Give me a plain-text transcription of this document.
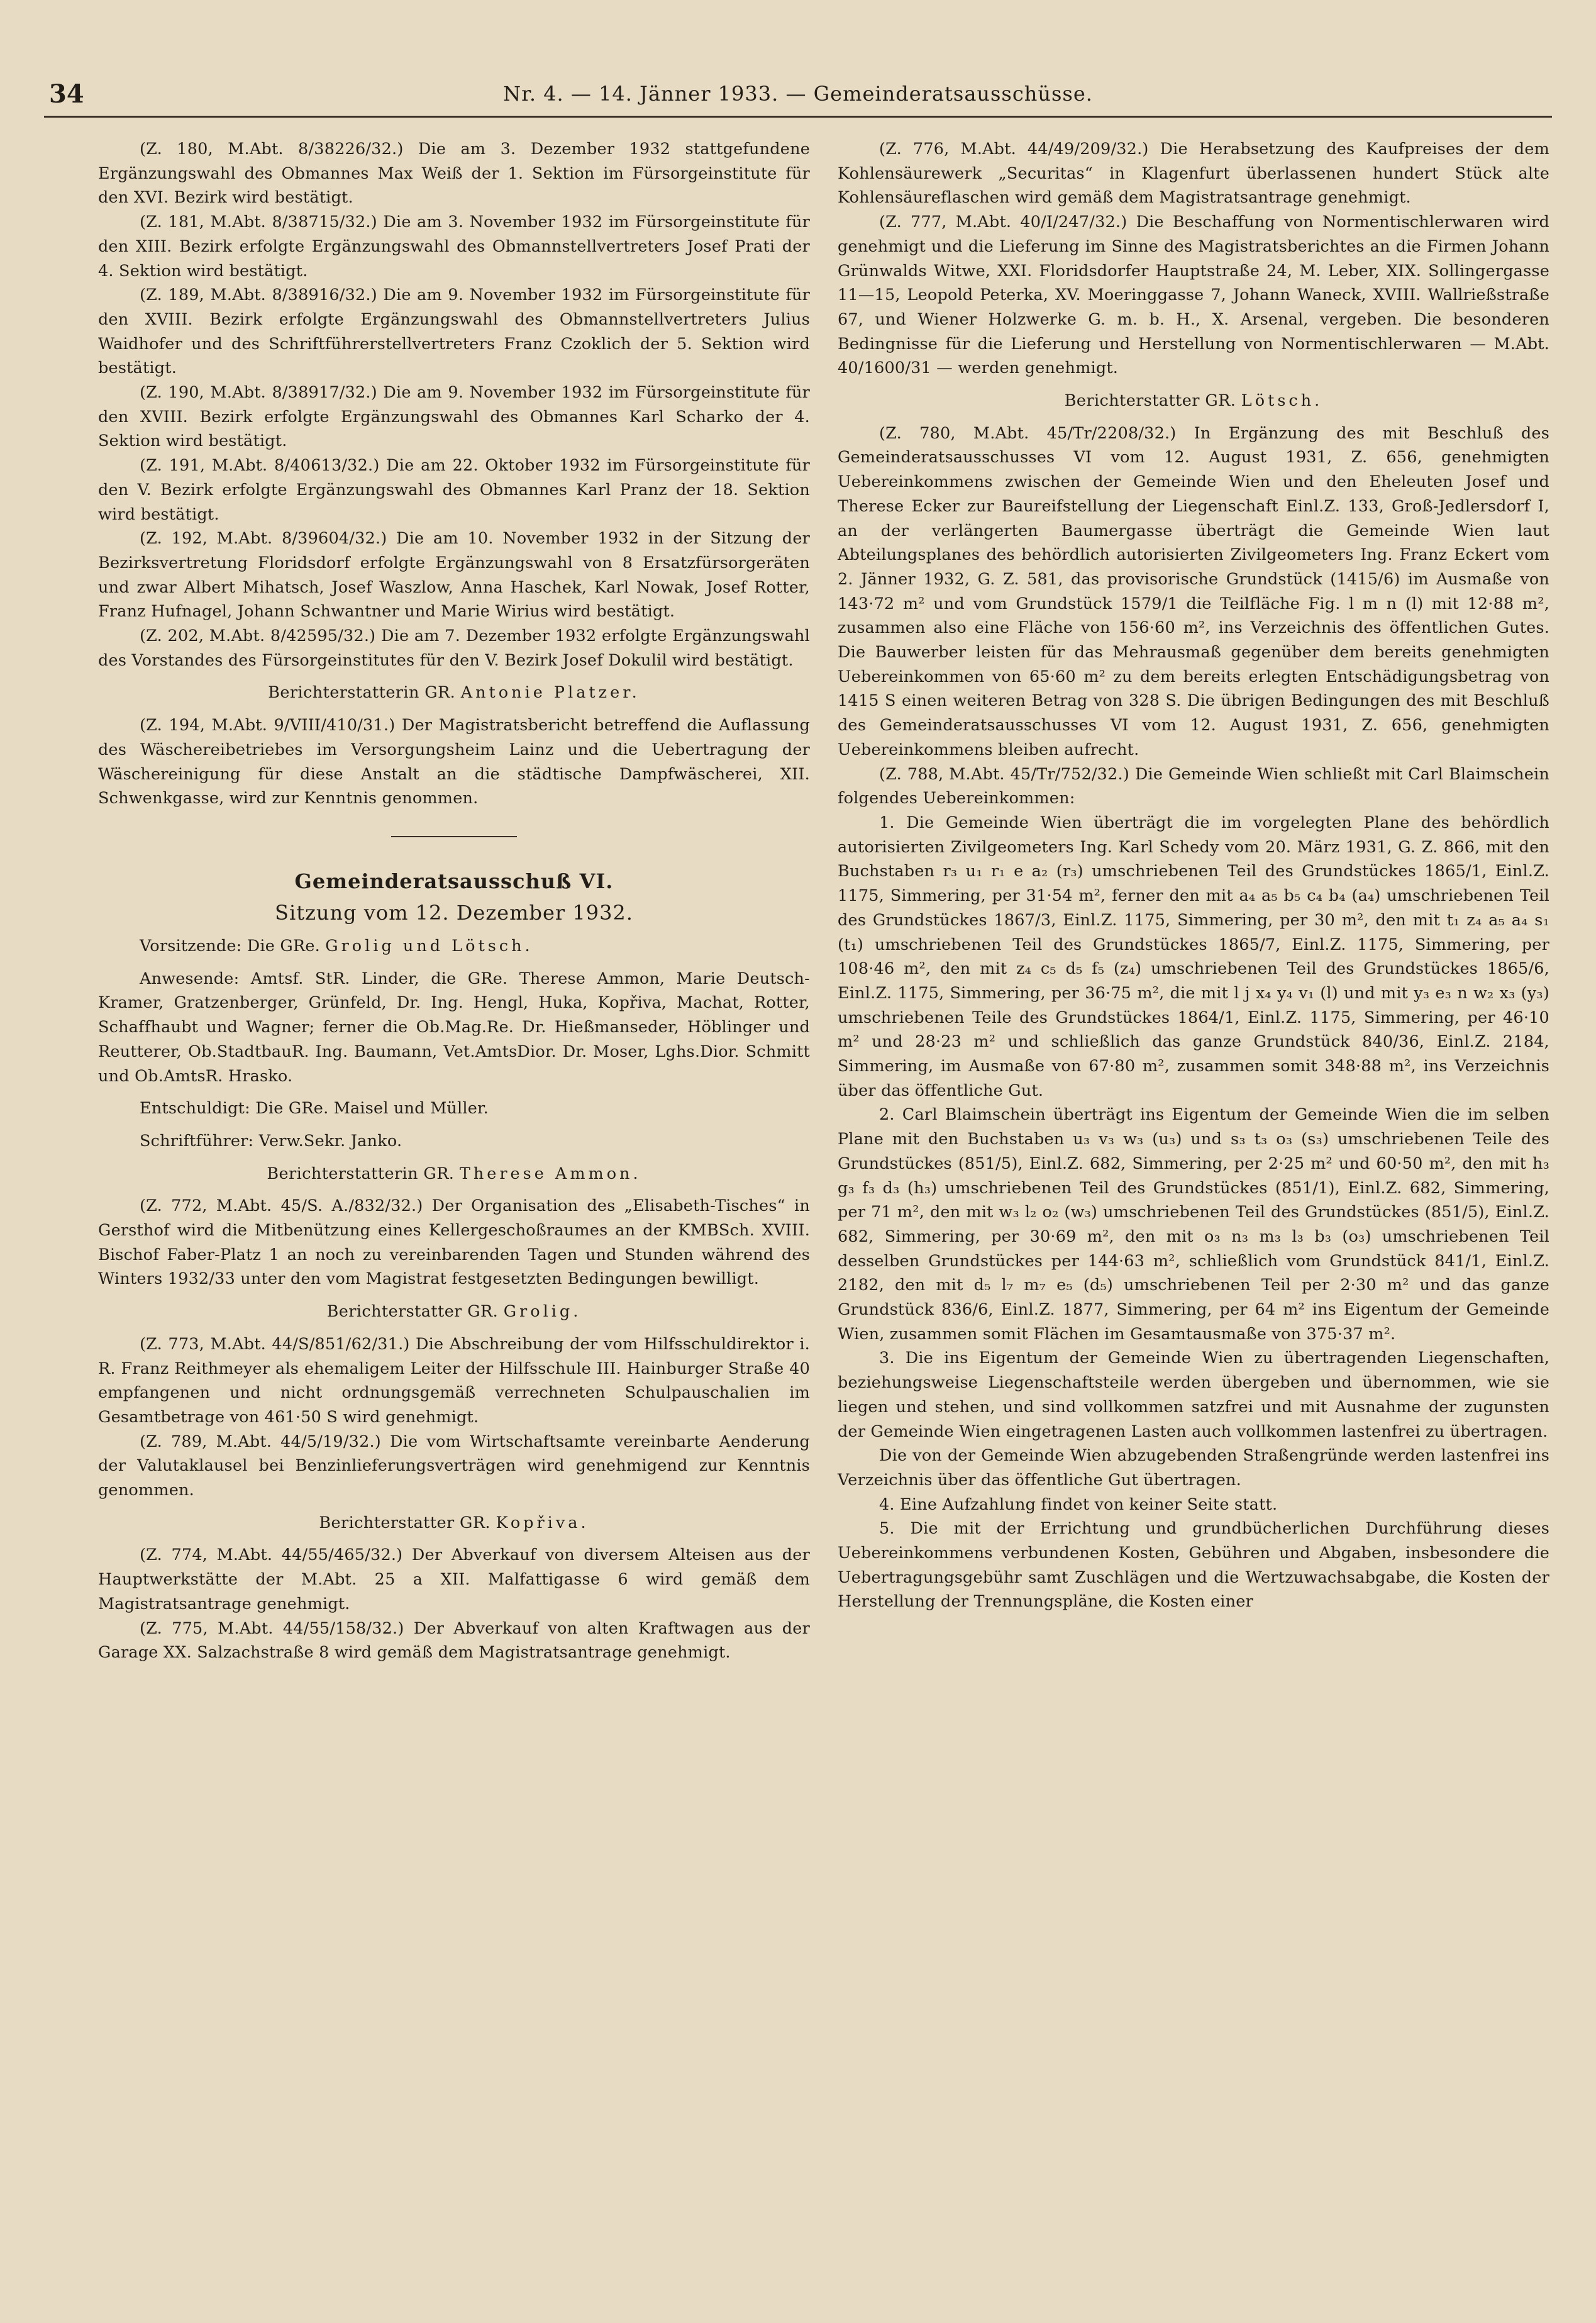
34	Nr. 4. — 14. Jänner 1933. — Gemeinderatsausschüsse.

(Z. 180, M.Abt. 8/38226/32.) Die am 3. Dezember 1932 stattgefundene Ergänzungswahl des Obmannes Max Weiß der 1. Sektion im Fürsorgeinstitute für den XVI. Bezirk wird bestätigt.

(Z. 181, M.Abt. 8/38715/32.) Die am 3. November 1932 im Fürsorgeinstitute für den XIII. Bezirk erfolgte Ergänzungswahl des Obmannstellvertreters Josef Prati der 4. Sektion wird bestätigt.

(Z. 189, M.Abt. 8/38916/32.) Die am 9. November 1932 im Fürsorgeinstitute für den XVIII. Bezirk erfolgte Ergänzungswahl des Obmannstellvertreters Julius Waidhofer und des Schriftführerstellvertreters Franz Czoklich der 5. Sektion wird bestätigt.

(Z. 190, M.Abt. 8/38917/32.) Die am 9. November 1932 im Fürsorgeinstitute für den XVIII. Bezirk erfolgte Ergänzungswahl des Obmannes Karl Scharko der 4. Sektion wird bestätigt.

(Z. 191, M.Abt. 8/40613/32.) Die am 22. Oktober 1932 im Fürsorgeinstitute für den V. Bezirk erfolgte Ergänzungswahl des Obmannes Karl Pranz der 18. Sektion wird bestätigt.

(Z. 192, M.Abt. 8/39604/32.) Die am 10. November 1932 in der Sitzung der Bezirksvertretung Floridsdorf erfolgte Ergänzungswahl von 8 Ersatzfürsorgeräten und zwar Albert Mihatsch, Josef Waszlow, Anna Haschek, Karl Nowak, Josef Rotter, Franz Hufnagel, Johann Schwantner und Marie Wirius wird bestätigt.

(Z. 202, M.Abt. 8/42595/32.) Die am 7. Dezember 1932 erfolgte Ergänzungswahl des Vorstandes des Fürsorgeinstitutes für den V. Bezirk Josef Dokulil wird bestätigt.

Berichterstatterin GR. Antonie Platzer.

(Z. 194, M.Abt. 9/VIII/410/31.) Der Magistratsbericht betreffend die Auflassung des Wäschereibetriebes im Versorgungsheim Lainz und die Uebertragung der Wäschereinigung für diese Anstalt an die städtische Dampfwäscherei, XII. Schwenkgasse, wird zur Kenntnis genommen.

Gemeinderatsausschuß VI.

Sitzung vom 12. Dezember 1932.

Vorsitzende: Die GRe. Grolig und Lötsch.

Anwesende: Amtsf. StR. Linder, die GRe. Therese Ammon, Marie Deutsch-Kramer, Gratzenberger, Grünfeld, Dr. Ing. Hengl, Huka, Kopřiva, Machat, Rotter, Schaffhaubt und Wagner; ferner die Ob.Mag.Re. Dr. Hießmanseder, Höblinger und Reutterer, Ob.StadtbauR. Ing. Baumann, Vet.AmtsDior. Dr. Moser, Lghs.Dior. Schmitt und Ob.AmtsR. Hrasko.

Entschuldigt: Die GRe. Maisel und Müller.

Schriftführer: Verw.Sekr. Janko.

Berichterstatterin GR. Therese Ammon.

(Z. 772, M.Abt. 45/S. A./832/32.) Der Organisation des „Elisabeth-Tisches“ in Gersthof wird die Mitbenützung eines Kellergeschoßraumes an der KMBSch. XVIII. Bischof Faber-Platz 1 an noch zu vereinbarenden Tagen und Stunden während des Winters 1932/33 unter den vom Magistrat festgesetzten Bedingungen bewilligt.

Berichterstatter GR. Grolig.

(Z. 773, M.Abt. 44/S/851/62/31.) Die Abschreibung der vom Hilfsschuldirektor i. R. Franz Reithmeyer als ehemaligem Leiter der Hilfsschule III. Hainburger Straße 40 empfangenen und nicht ordnungsgemäß verrechneten Schulpauschalien im Gesamtbetrage von 461·50 S wird genehmigt.

(Z. 789, M.Abt. 44/5/19/32.) Die vom Wirtschaftsamte vereinbarte Aenderung der Valutaklausel bei Benzinlieferungsverträgen wird genehmigend zur Kenntnis genommen.

Berichterstatter GR. Kopřiva.

(Z. 774, M.Abt. 44/55/465/32.) Der Abverkauf von diversem Alteisen aus der Hauptwerkstätte der M.Abt. 25 a XII. Malfattigasse 6 wird gemäß dem Magistratsantrage genehmigt.

(Z. 775, M.Abt. 44/55/158/32.) Der Abverkauf von alten Kraftwagen aus der Garage XX. Salzachstraße 8 wird gemäß dem Magistratsantrage genehmigt.

(Z. 776, M.Abt. 44/49/209/32.) Die Herabsetzung des Kaufpreises der dem Kohlensäurewerk „Securitas“ in Klagenfurt überlassenen hundert Stück alte Kohlensäureflaschen wird gemäß dem Magistratsantrage genehmigt.

(Z. 777, M.Abt. 40/I/247/32.) Die Beschaffung von Normentischlerwaren wird genehmigt und die Lieferung im Sinne des Magistratsberichtes an die Firmen Johann Grünwalds Witwe, XXI. Floridsdorfer Hauptstraße 24, M. Leber, XIX. Sollingergasse 11—15, Leopold Peterka, XV. Moeringgasse 7, Johann Waneck, XVIII. Wallrießstraße 67, und Wiener Holzwerke G. m. b. H., X. Arsenal, vergeben. Die besonderen Bedingnisse für die Lieferung und Herstellung von Normentischlerwaren — M.Abt. 40/1600/31 — werden genehmigt.

Berichterstatter GR. Lötsch.

(Z. 780, M.Abt. 45/Tr/2208/32.) In Ergänzung des mit Beschluß des Gemeinderatsausschusses VI vom 12. August 1931, Z. 656, genehmigten Uebereinkommens zwischen der Gemeinde Wien und den Eheleuten Josef und Therese Ecker zur Baureifstellung der Liegenschaft Einl.Z. 133, Groß-Jedlersdorf I, an der verlängerten Baumergasse überträgt die Gemeinde Wien laut Abteilungsplanes des behördlich autorisierten Zivilgeometers Ing. Franz Eckert vom 2. Jänner 1932, G. Z. 581, das provisorische Grundstück (1415/6) im Ausmaße von 143·72 m² und vom Grundstück 1579/1 die Teilfläche Fig. l m n (l) mit 12·88 m², zusammen also eine Fläche von 156·60 m², ins Verzeichnis des öffentlichen Gutes. Die Bauwerber leisten für das Mehrausmaß gegenüber dem bereits genehmigten Uebereinkommen von 65·60 m² zu dem bereits erlegten Entschädigungsbetrag von 1415 S einen weiteren Betrag von 328 S. Die übrigen Bedingungen des mit Beschluß des Gemeinderatsausschusses VI vom 12. August 1931, Z. 656, genehmigten Uebereinkommens bleiben aufrecht.

(Z. 788, M.Abt. 45/Tr/752/32.) Die Gemeinde Wien schließt mit Carl Blaimschein folgendes Uebereinkommen:

1. Die Gemeinde Wien überträgt die im vorgelegten Plane des behördlich autorisierten Zivilgeometers Ing. Karl Schedy vom 20. März 1931, G. Z. 866, mit den Buchstaben r₃ u₁ r₁ e a₂ (r₃) umschriebenen Teil des Grundstückes 1865/1, Einl.Z. 1175, Simmering, per 31·54 m², ferner den mit a₄ a₅ b₅ c₄ b₄ (a₄) umschriebenen Teil des Grundstückes 1867/3, Einl.Z. 1175, Simmering, per 30 m², den mit t₁ z₄ a₅ a₄ s₁ (t₁) umschriebenen Teil des Grundstückes 1865/7, Einl.Z. 1175, Simmering, per 108·46 m², den mit z₄ c₅ d₅ f₅ (z₄) umschriebenen Teil des Grundstückes 1865/6, Einl.Z. 1175, Simmering, per 36·75 m², die mit l j x₄ y₄ v₁ (l) und mit y₃ e₃ n w₂ x₃ (y₃) umschriebenen Teile des Grundstückes 1864/1, Einl.Z. 1175, Simmering, per 46·10 m² und 28·23 m² und schließlich das ganze Grundstück 840/36, Einl.Z. 2184, Simmering, im Ausmaße von 67·80 m², zusammen somit 348·88 m², ins Verzeichnis über das öffentliche Gut.

2. Carl Blaimschein überträgt ins Eigentum der Gemeinde Wien die im selben Plane mit den Buchstaben u₃ v₃ w₃ (u₃) und s₃ t₃ o₃ (s₃) umschriebenen Teile des Grundstückes (851/5), Einl.Z. 682, Simmering, per 2·25 m² und 60·50 m², den mit h₃ g₃ f₃ d₃ (h₃) umschriebenen Teil des Grundstückes (851/1), Einl.Z. 682, Simmering, per 71 m², den mit w₃ l₂ o₂ (w₃) umschriebenen Teil des Grundstückes (851/5), Einl.Z. 682, Simmering, per 30·69 m², den mit o₃ n₃ m₃ l₃ b₃ (o₃) umschriebenen Teil desselben Grundstückes per 144·63 m², schließlich vom Grundstück 841/1, Einl.Z. 2182, den mit d₅ l₇ m₇ e₅ (d₅) umschriebenen Teil per 2·30 m² und das ganze Grundstück 836/6, Einl.Z. 1877, Simmering, per 64 m² ins Eigentum der Gemeinde Wien, zusammen somit Flächen im Gesamtausmaße von 375·37 m².

3. Die ins Eigentum der Gemeinde Wien zu übertragenden Liegenschaften, beziehungsweise Liegenschaftsteile werden übergeben und übernommen, wie sie liegen und stehen, und sind vollkommen satzfrei und mit Ausnahme der zugunsten der Gemeinde Wien eingetragenen Lasten auch vollkommen lastenfrei zu übertragen.

Die von der Gemeinde Wien abzugebenden Straßengründe werden lastenfrei ins Verzeichnis über das öffentliche Gut übertragen.

4. Eine Aufzahlung findet von keiner Seite statt.

5. Die mit der Errichtung und grundbücherlichen Durchführung dieses Uebereinkommens verbundenen Kosten, Gebühren und Abgaben, insbesondere die Uebertragungsgebühr samt Zuschlägen und die Wertzuwachsabgabe, die Kosten der Herstellung der Trennungspläne, die Kosten einer
